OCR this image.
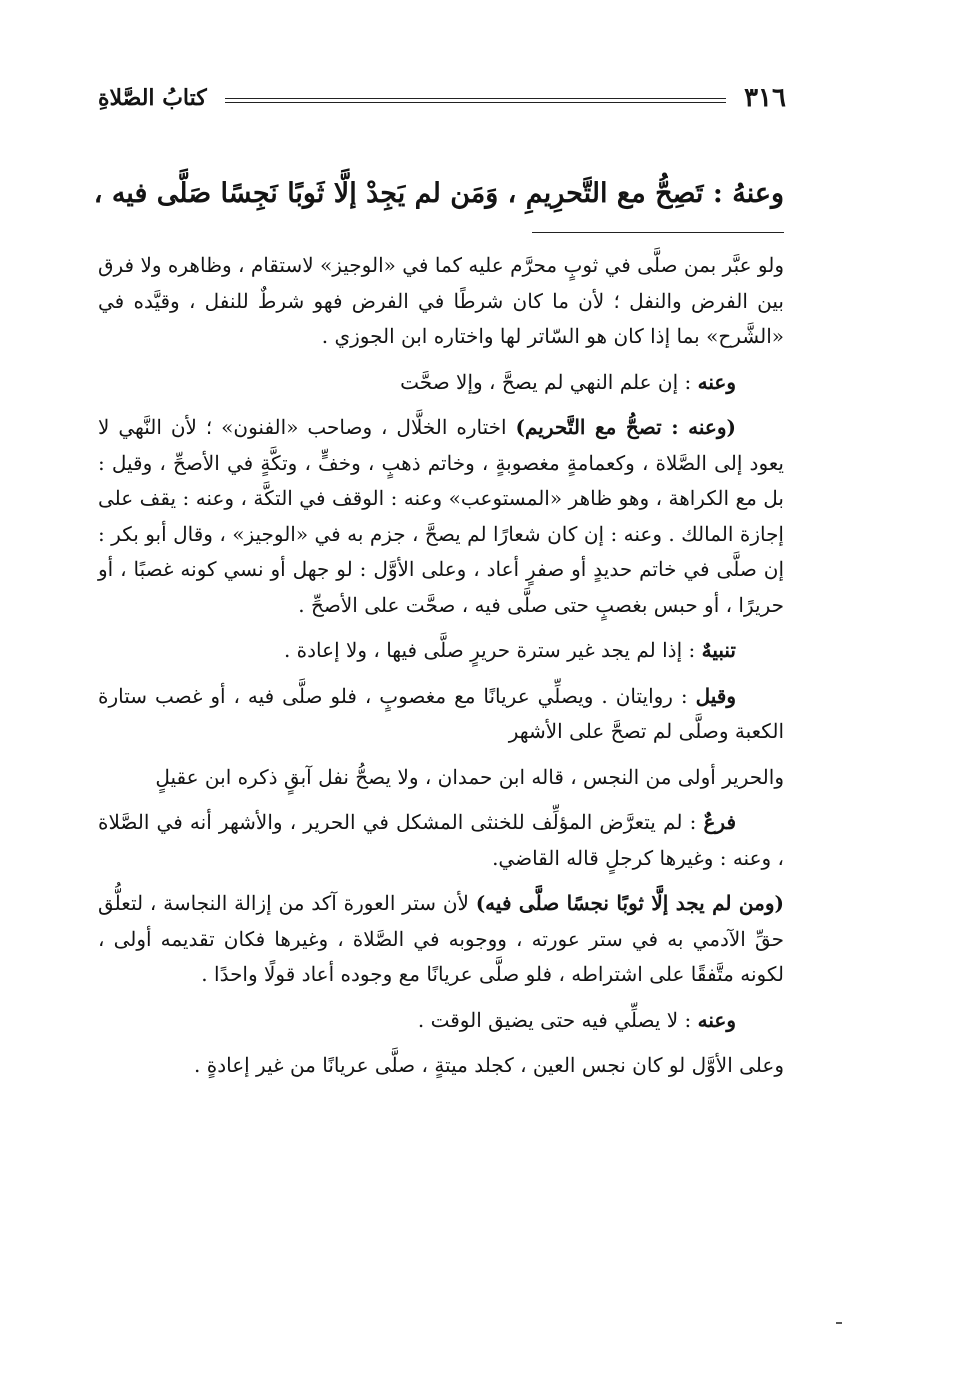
٣١٦
كتابُ الصَّلاةِ
وعنهُ : تَصِحُّ مع التَّحرِيمِ ، وَمَن لم يَجِدْ إلَّا ثَوبًا نَجِسًا صَلَّى فيه ،

ولو عبَّر بمن صلَّى في ثوبٍ محرَّم عليه كما في «الوجيز» لاستقام ، وظاهره ولا فرق بين الفرض والنفل ؛ لأن ما كان شرطًا في الفرض فهو شرطٌ للنفل ، وقيَّده في «الشَّرح» بما إذا كان هو السّاتر لها واختاره ابن الجوزي .

وعنه : إن علم النهي لم يصحَّ ، وإلا صحَّت

(وعنه : تصحُّ مع التَّحريم) اختاره الخلَّال ، وصاحب «الفنون» ؛ لأن النَّهي لا يعود إلى الصَّلاة ، وكعمامةٍ مغصوبةٍ ، وخاتم ذهبٍ ، وخفٍّ ، وتكَّةٍ في الأصحِّ ، وقيل : بل مع الكراهة ، وهو ظاهر «المستوعب» وعنه : الوقف في التكَّة ، وعنه : يقف على إجازة المالك . وعنه : إن كان شعارًا لم يصحَّ ، جزم به في «الوجيز» ، وقال أبو بكر : إن صلَّى في خاتم حديدٍ أو صفرٍ أعاد ، وعلى الأوَّل : لو جهل أو نسي كونه غصبًا ، أو حريرًا ، أو حبس بغصبٍ حتى صلَّى فيه ، صحَّت على الأصحِّ .

تنبيهٌ : إذا لم يجد غير سترة حريرٍ صلَّى فيها ، ولا إعادة .

وقيل : روايتان . ويصلِّي عريانًا مع مغصوبٍ ، فلو صلَّى فيه ، أو غصب ستارة الكعبة وصلَّى لم تصحَّ على الأشهر

والحرير أولى من النجس ، قاله ابن حمدان ، ولا يصحُّ نفل آبقٍ ذكره ابن عقيلٍ

فرعٌ : لم يتعرَّض المؤلِّف للخنثى المشكل في الحرير ، والأشهر أنه في الصَّلاة ، وعنه : وغيرها كرجلٍ قاله القاضي.

(ومن لم يجد إلَّا ثوبًا نجسًا صلَّى فيه) لأن ستر العورة آكد من إزالة النجاسة ، لتعلُّق حقِّ الآدمي به في ستر عورته ، ووجوبه في الصَّلاة ، وغيرها فكان تقديمه أولى ، لكونه متَّفقًا على اشتراطه ، فلو صلَّى عريانًا مع وجوده أعاد قولًا واحدًا .

وعنه : لا يصلِّي فيه حتى يضيق الوقت .

وعلى الأوَّل لو كان نجس العين ، كجلد ميتةٍ ، صلَّى عريانًا من غير إعادةٍ .
